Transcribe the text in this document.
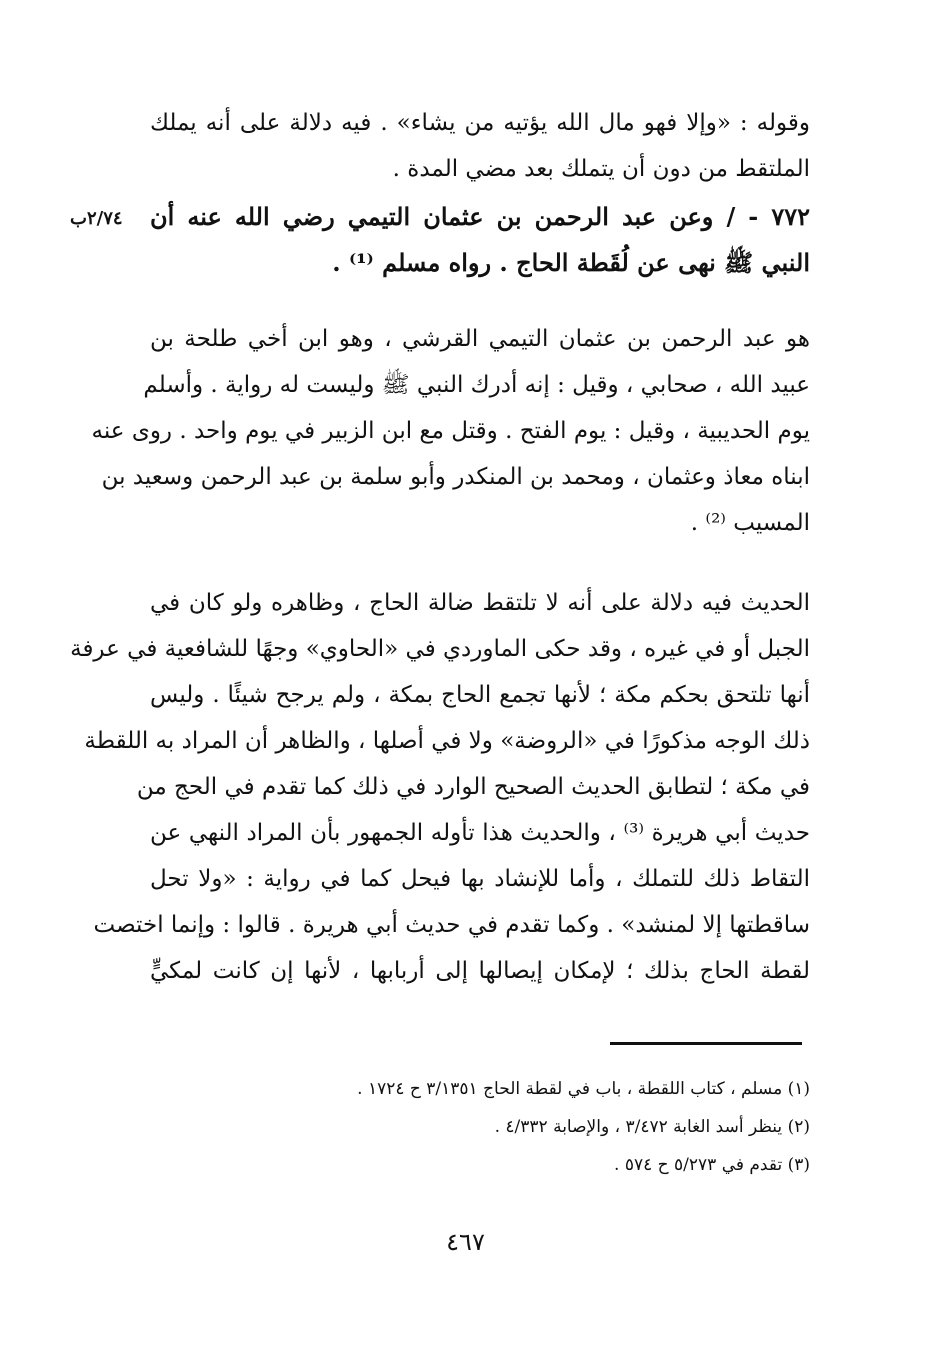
وقوله : «وإلا فهو مال الله يؤتيه من يشاء» . فيه دلالة على أنه يملك
الملتقط من دون أن يتملك بعد مضي المدة .
٧٧٢ - / وعن عبد الرحمن بن عثمان التيمي رضي الله عنه أن
النبي ﷺ نهى عن لُقَطة الحاج . رواه مسلم ⁽¹⁾ .
٢/٧٤ب
هو عبد الرحمن بن عثمان التيمي القرشي ، وهو ابن أخي طلحة بن
عبيد الله ، صحابي ، وقيل : إنه أدرك النبي ﷺ وليست له رواية . وأسلم
يوم الحديبية ، وقيل : يوم الفتح . وقتل مع ابن الزبير في يوم واحد . روى عنه
ابناه معاذ وعثمان ، ومحمد بن المنكدر وأبو سلمة بن عبد الرحمن وسعيد بن
المسيب ⁽²⁾ .
الحديث فيه دلالة على أنه لا تلتقط ضالة الحاج ، وظاهره ولو كان في
الجبل أو في غيره ، وقد حكى الماوردي في «الحاوي» وجهًا للشافعية في عرفة
أنها تلتحق بحكم مكة ؛ لأنها تجمع الحاج بمكة ، ولم يرجح شيئًا . وليس
ذلك الوجه مذكورًا في «الروضة» ولا في أصلها ، والظاهر أن المراد به اللقطة
في مكة ؛ لتطابق الحديث الصحيح الوارد في ذلك كما تقدم في الحج من
حديث أبي هريرة ⁽³⁾ ، والحديث هذا تأوله الجمهور بأن المراد النهي عن
التقاط ذلك للتملك ، وأما للإنشاد بها فيحل كما في رواية : «ولا تحل
ساقطتها إلا لمنشد» . وكما تقدم في حديث أبي هريرة . قالوا : وإنما اختصت
لقطة الحاج بذلك ؛ لإمكان إيصالها إلى أربابها ، لأنها إن كانت لمكيٍّ
(١) مسلم ، كتاب اللقطة ، باب في لقطة الحاج ٣/١٣٥١ ح ١٧٢٤ .
(٢) ينظر أسد الغابة ٣/٤٧٢ ، والإصابة ٤/٣٣٢ .
(٣) تقدم في ٥/٢٧٣ ح ٥٧٤ .
٤٦٧
